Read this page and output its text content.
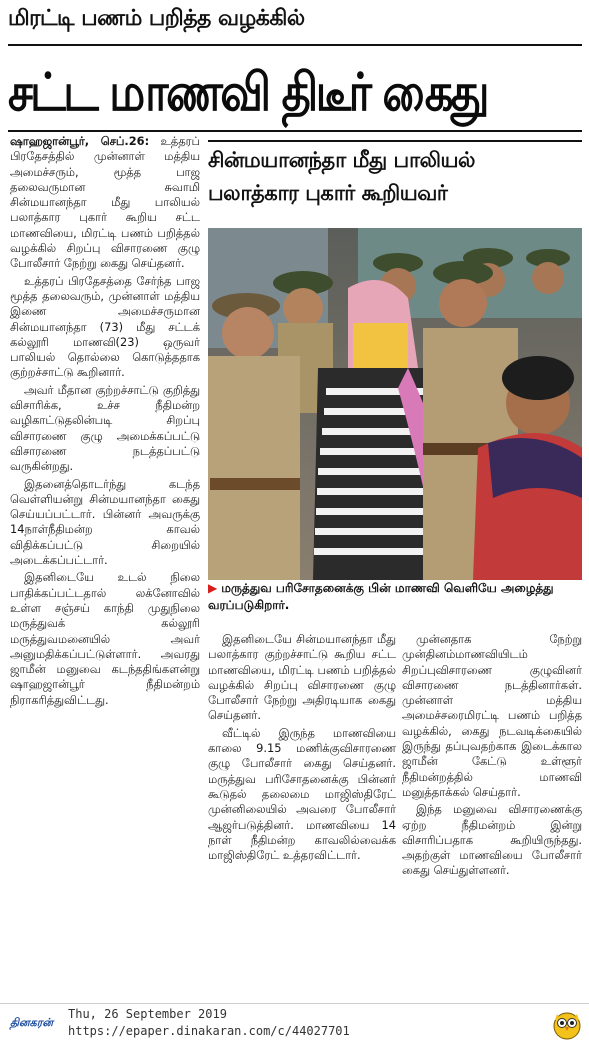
மிரட்டி பணம் பறித்த வழக்கில்
சட்ட மாணவி திடீர் கைது

ஷாஹஜான்பூர், செப்.26: உத்தரப் பிரதேசத்தில் முன்னாள் மத்திய அமைச்சரும், மூத்த பாஜ தலைவருமான சுவாமி சின்மயானந்தா மீது பாலியல் பலாத்கார புகார் கூறிய சட்ட மாணவியை, மிரட்டி பணம் பறித்தல் வழக்கில் சிறப்பு விசாரணை குழு போலீசார் நேற்று கைது செய்தனர்.

உத்தரப் பிரதேசத்தை சேர்ந்த பாஜ மூத்த தலைவரும், முன்னாள் மத்திய இணை அமைச்சருமான சின்மயானந்தா (73) மீது சட்டக் கல்லூரி மாணவி(23) ஒருவர் பாலியல் தொல்லை கொடுத்ததாக குற்றச்சாட்டு கூறினார்.

அவர் மீதான குற்றச்சாட்டு குறித்து விசாரிக்க, உச்ச நீதிமன்ற வழிகாட்டுதலின்படி சிறப்பு விசாரணை குழு அமைக்கப்பட்டு விசாரணை நடத்தப்பட்டு வருகின்றது.

இதனைத்தொடர்ந்து கடந்த வெள்ளியன்று சின்மயானந்தா கைது செய்யப்பட்டார். பின்னர் அவருக்கு 14நாள்நீதிமன்ற காவல் விதிக்கப்பட்டு சிறையில் அடைக்கப்பட்டார்.

இதனிடையே உடல் நிலை பாதிக்கப்பட்டதால் லக்னோவில் உள்ள சஞ்சய் காந்தி முதுநிலை மருத்துவக் கல்லூரி மருத்துவமனையில் அவர் அனுமதிக்கப்பட்டுள்ளார். அவரது ஜாமீன் மனுவை கடந்ததிங்களன்று ஷாஹஜான்பூர் நீதிமன்றம் நிராகரித்துவிட்டது.

சின்மயானந்தா மீது பாலியல்
பலாத்கார புகார் கூறியவர்
▶ மருத்துவ பரிசோதனைக்கு பின் மாணவி வெளியே அழைத்து வரப்படுகிறார்.

இதனிடையே சின்மயானந்தா மீது பலாத்கார குற்றச்சாட்டு கூறிய சட்ட மாணவியை, மிரட்டி பணம் பறித்தல் வழக்கில் சிறப்பு விசாரணை குழு போலீசார் நேற்று அதிரடியாக கைது செய்தனர்.

வீட்டில் இருந்த மாணவியை காலை 9.15 மணிக்குவிசாரணை குழு போலீசார் கைது செய்தனர். மருத்துவ பரிசோதனைக்கு பின்னர் கூடுதல் தலைமை மாஜிஸ்திரேட் முன்னிலையில் அவரை போலீசார் ஆஜர்படுத்தினர். மாணவியை 14 நாள் நீதிமன்ற காவலில்வைக்க மாஜிஸ்திரேட் உத்தரவிட்டார்.

முன்னதாக நேற்று முன்தினம்மாணவியிடம் சிறப்புவிசாரணை குழுவினர் விசாரணை நடத்தினார்கள். முன்னாள் மத்திய அமைச்சரைமிரட்டி பணம் பறித்த வழக்கில், கைது நடவடிக்கையில் இருந்து தப்புவதற்காக இடைக்கால ஜாமீன் கேட்டு உள்ளூர் நீதிமன்றத்தில் மாணவி மனுத்தாக்கல் செய்தார்.

இந்த மனுவை விசாரணைக்கு ஏற்ற நீதிமன்றம் இன்று விசாரிப்பதாக கூறியிருந்தது. அதற்குள் மாணவியை போலீசார் கைது செய்துள்ளனர்.

தினகரன்
Thu, 26 September 2019
https://epaper.dinakaran.com/c/44027701
